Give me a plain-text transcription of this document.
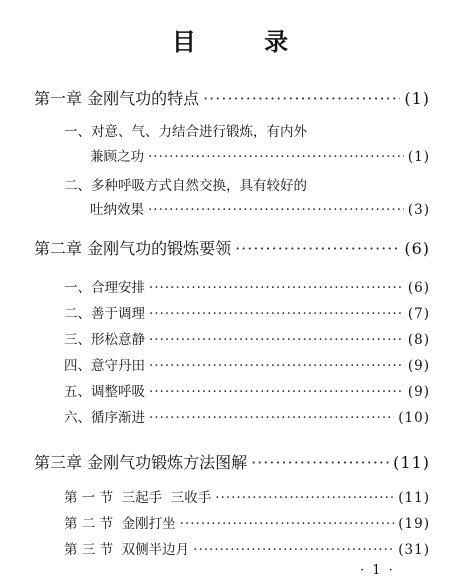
目 录
第一章 金刚气功的特点 ·····	(1)
一、对意、气、力结合进行锻炼，有内外
兼顾之功 ·····	(1)
二、多种呼吸方式自然交换，具有较好的
吐纳效果 ·····	(3)
第二章 金刚气功的锻炼要领 ·····	(6)
一、合理安排 ·····	(6)
二、善于调理 ·····	(7)
三、形松意静 ·····	(8)
四、意守丹田 ·····	(9)
五、调整呼吸 ·····	(9)
六、循序渐进 ·····	(10)
第三章 金刚气功锻炼方法图解 ·····	(11)
第 一 节  三起手  三收手 ·····	(11)
第 二 节  金刚打坐 ·····	(19)
第 三 节  双侧半边月 ·····	(31)
· 1 ·
